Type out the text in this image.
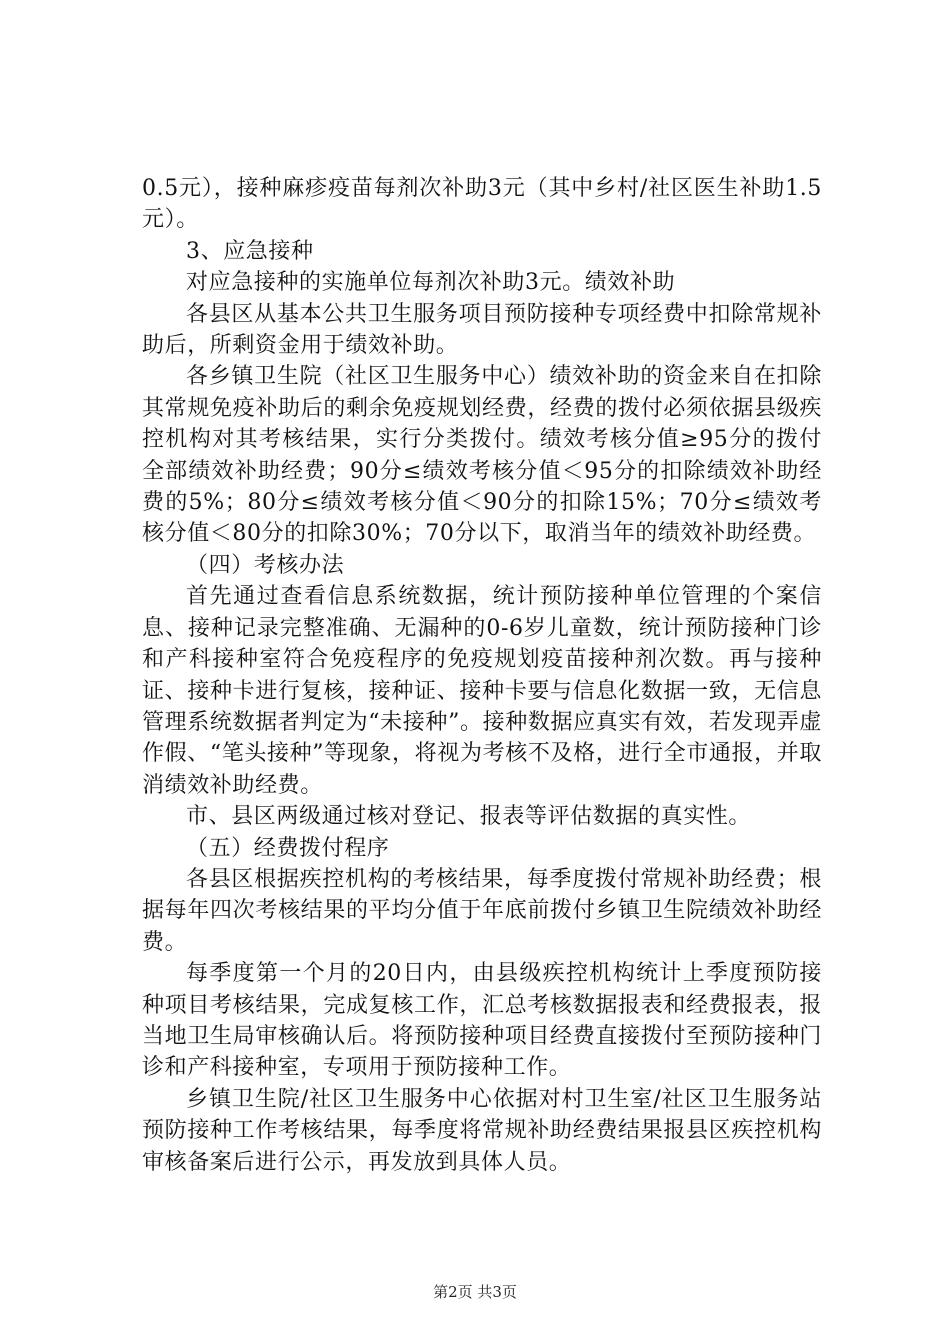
0.5元），接种麻疹疫苗每剂次补助3元（其中乡村/社区医生补助1.5元）。

3、应急接种

对应急接种的实施单位每剂次补助3元。绩效补助

各县区从基本公共卫生服务项目预防接种专项经费中扣除常规补助后，所剩资金用于绩效补助。

各乡镇卫生院（社区卫生服务中心）绩效补助的资金来自在扣除其常规免疫补助后的剩余免疫规划经费，经费的拨付必须依据县级疾控机构对其考核结果，实行分类拨付。绩效考核分值≥95分的拨付全部绩效补助经费；90分≤绩效考核分值＜95分的扣除绩效补助经费的5%；80分≤绩效考核分值＜90分的扣除15%；70分≤绩效考核分值＜80分的扣除30%；70分以下，取消当年的绩效补助经费。

（四）考核办法

首先通过查看信息系统数据，统计预防接种单位管理的个案信息、接种记录完整准确、无漏种的0-6岁儿童数，统计预防接种门诊和产科接种室符合免疫程序的免疫规划疫苗接种剂次数。再与接种证、接种卡进行复核，接种证、接种卡要与信息化数据一致，无信息管理系统数据者判定为“未接种”。接种数据应真实有效，若发现弄虚作假、“笔头接种”等现象，将视为考核不及格，进行全市通报，并取消绩效补助经费。

市、县区两级通过核对登记、报表等评估数据的真实性。

（五）经费拨付程序

各县区根据疾控机构的考核结果，每季度拨付常规补助经费；根据每年四次考核结果的平均分值于年底前拨付乡镇卫生院绩效补助经费。

每季度第一个月的20日内，由县级疾控机构统计上季度预防接种项目考核结果，完成复核工作，汇总考核数据报表和经费报表，报当地卫生局审核确认后。将预防接种项目经费直接拨付至预防接种门诊和产科接种室，专项用于预防接种工作。

乡镇卫生院/社区卫生服务中心依据对村卫生室/社区卫生服务站预防接种工作考核结果，每季度将常规补助经费结果报县区疾控机构审核备案后进行公示，再发放到具体人员。

第2页 共3页
